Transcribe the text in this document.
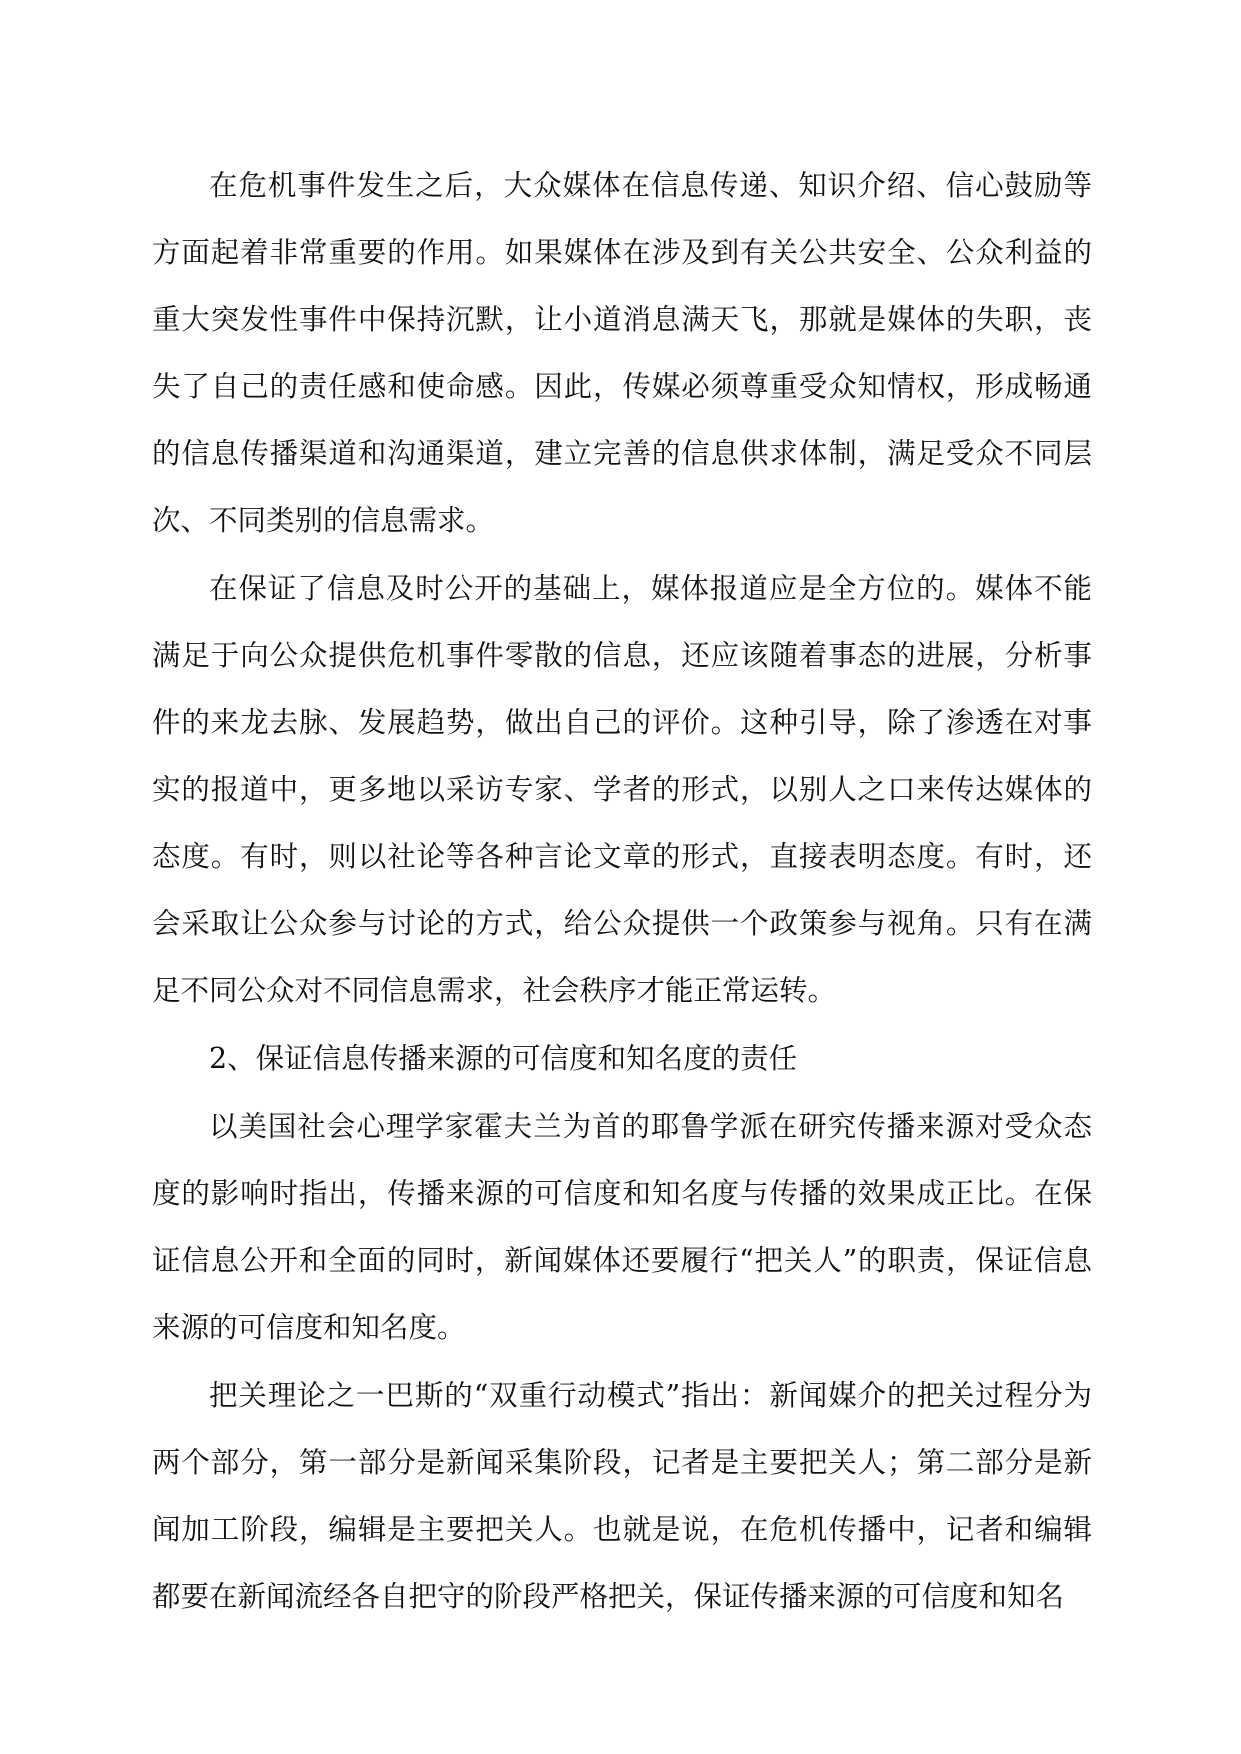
在危机事件发生之后，大众媒体在信息传递、知识介绍、信心鼓励等方面起着非常重要的作用。如果媒体在涉及到有关公共安全、公众利益的重大突发性事件中保持沉默，让小道消息满天飞，那就是媒体的失职，丧失了自己的责任感和使命感。因此，传媒必须尊重受众知情权，形成畅通的信息传播渠道和沟通渠道，建立完善的信息供求体制，满足受众不同层次、不同类别的信息需求。

在保证了信息及时公开的基础上，媒体报道应是全方位的。媒体不能满足于向公众提供危机事件零散的信息，还应该随着事态的进展，分析事件的来龙去脉、发展趋势，做出自己的评价。这种引导，除了渗透在对事实的报道中，更多地以采访专家、学者的形式，以别人之口来传达媒体的态度。有时，则以社论等各种言论文章的形式，直接表明态度。有时，还会采取让公众参与讨论的方式，给公众提供一个政策参与视角。只有在满足不同公众对不同信息需求，社会秩序才能正常运转。

2、保证信息传播来源的可信度和知名度的责任

以美国社会心理学家霍夫兰为首的耶鲁学派在研究传播来源对受众态度的影响时指出，传播来源的可信度和知名度与传播的效果成正比。在保证信息公开和全面的同时，新闻媒体还要履行“把关人”的职责，保证信息来源的可信度和知名度。

把关理论之一巴斯的“双重行动模式”指出：新闻媒介的把关过程分为两个部分，第一部分是新闻采集阶段，记者是主要把关人；第二部分是新闻加工阶段，编辑是主要把关人。也就是说，在危机传播中，记者和编辑都要在新闻流经各自把守的阶段严格把关，保证传播来源的可信度和知名
